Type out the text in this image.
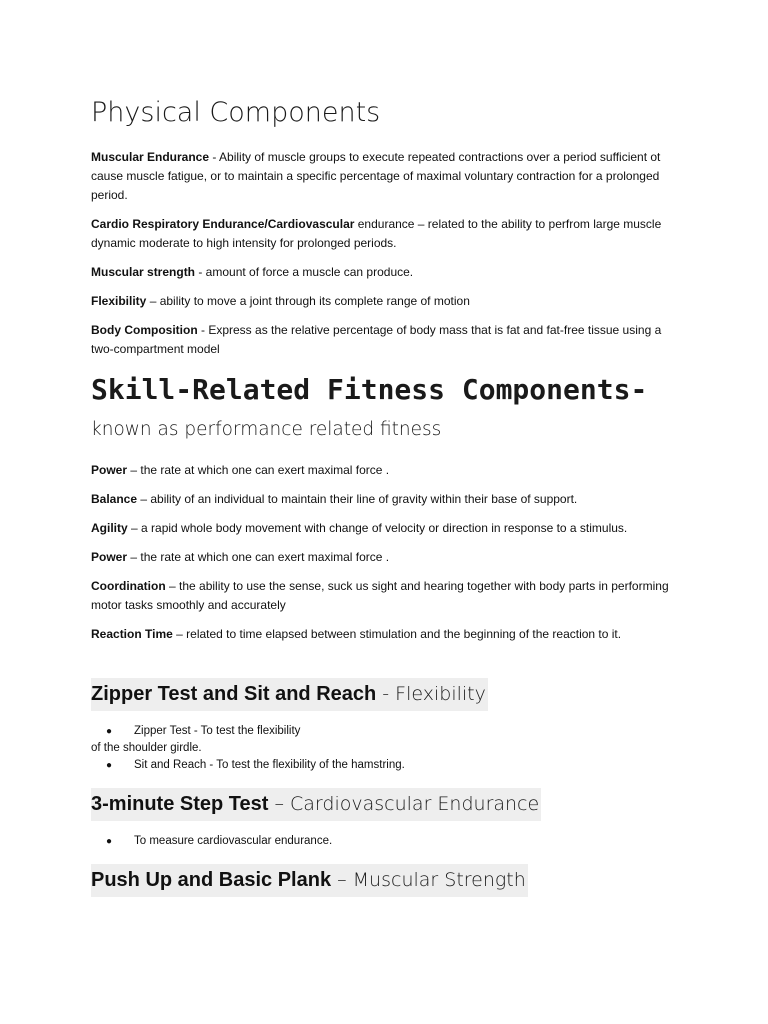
Physical Components

Muscular Endurance - Ability of muscle groups to execute repeated contractions over a period sufficient ot cause muscle fatigue, or to maintain a specific percentage of maximal voluntary contraction for a prolonged period.

Cardio Respiratory Endurance/Cardiovascular endurance – related to the ability to perfrom large muscle dynamic moderate to high intensity for prolonged periods.

Muscular strength - amount of force a muscle can produce.

Flexibility – ability to move a joint through its complete range of motion

Body Composition - Express as the relative percentage of body mass that is fat and fat-free tissue using a two-compartment model

Skill-Related Fitness Components- known as performance related fitness

Power – the rate at which one can exert maximal force .

Balance – ability of an individual to maintain their line of gravity within their base of support.

Agility – a rapid whole body movement with change of velocity or direction in response to a stimulus.

Power – the rate at which one can exert maximal force .

Coordination – the ability to use the sense, suck us sight and hearing together with body parts in performing motor tasks smoothly and accurately

Reaction Time – related to time elapsed between stimulation and the beginning of the reaction to it.

Zipper Test and Sit and Reach - Flexibility
●	Zipper Test - To test the flexibility
of the shoulder girdle.
●	Sit and Reach - To test the flexibility of the hamstring.
3-minute Step Test – Cardiovascular Endurance
●	To measure cardiovascular endurance.
Push Up and Basic Plank – Muscular Strength
